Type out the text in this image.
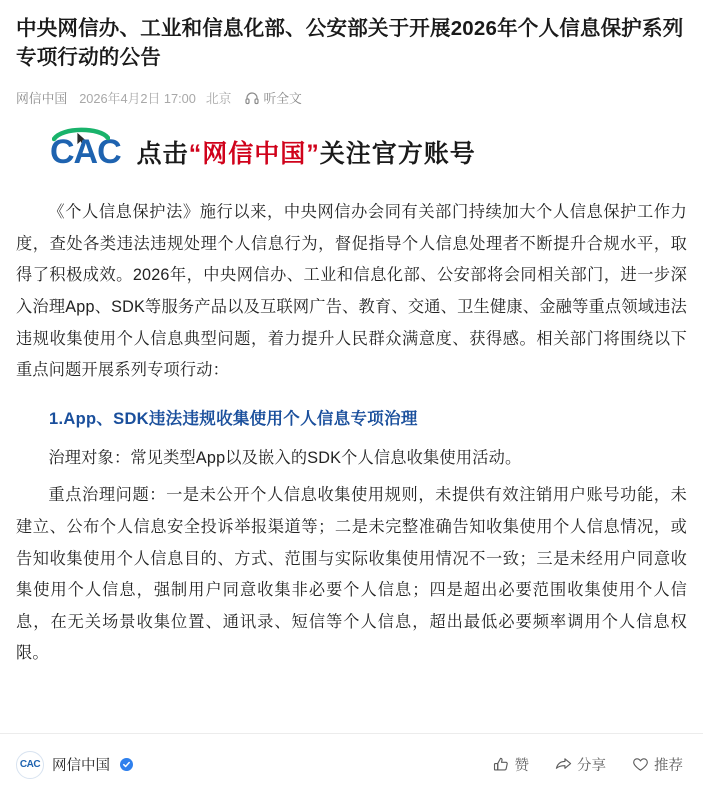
中央网信办、工业和信息化部、公安部关于开展2026年个人信息保护系列专项行动的公告
网信中国 2026年4月2日 17:00 北京	听全文
CAC 点击“网信中国”关注官方账号

《个人信息保护法》施行以来，中央网信办会同有关部门持续加大个人信息保护工作力度，查处各类违法违规处理个人信息行为，督促指导个人信息处理者不断提升合规水平，取得了积极成效。2026年，中央网信办、工业和信息化部、公安部将会同相关部门，进一步深入治理App、SDK等服务产品以及互联网广告、教育、交通、卫生健康、金融等重点领域违法违规收集使用个人信息典型问题，着力提升人民群众满意度、获得感。相关部门将围绕以下重点问题开展系列专项行动：

1.App、SDK违法违规收集使用个人信息专项治理

治理对象：常见类型App以及嵌入的SDK个人信息收集使用活动。

重点治理问题：一是未公开个人信息收集使用规则，未提供有效注销用户账号功能，未建立、公布个人信息安全投诉举报渠道等；二是未完整准确告知收集使用个人信息情况，或告知收集使用个人信息目的、方式、范围与实际收集使用情况不一致；三是未经用户同意收集使用个人信息，强制用户同意收集非必要个人信息；四是超出必要范围收集使用个人信息，在无关场景收集位置、通讯录、短信等个人信息，超出最低必要频率调用个人信息权限。

CAC 网信中国	赞	分享	推荐
